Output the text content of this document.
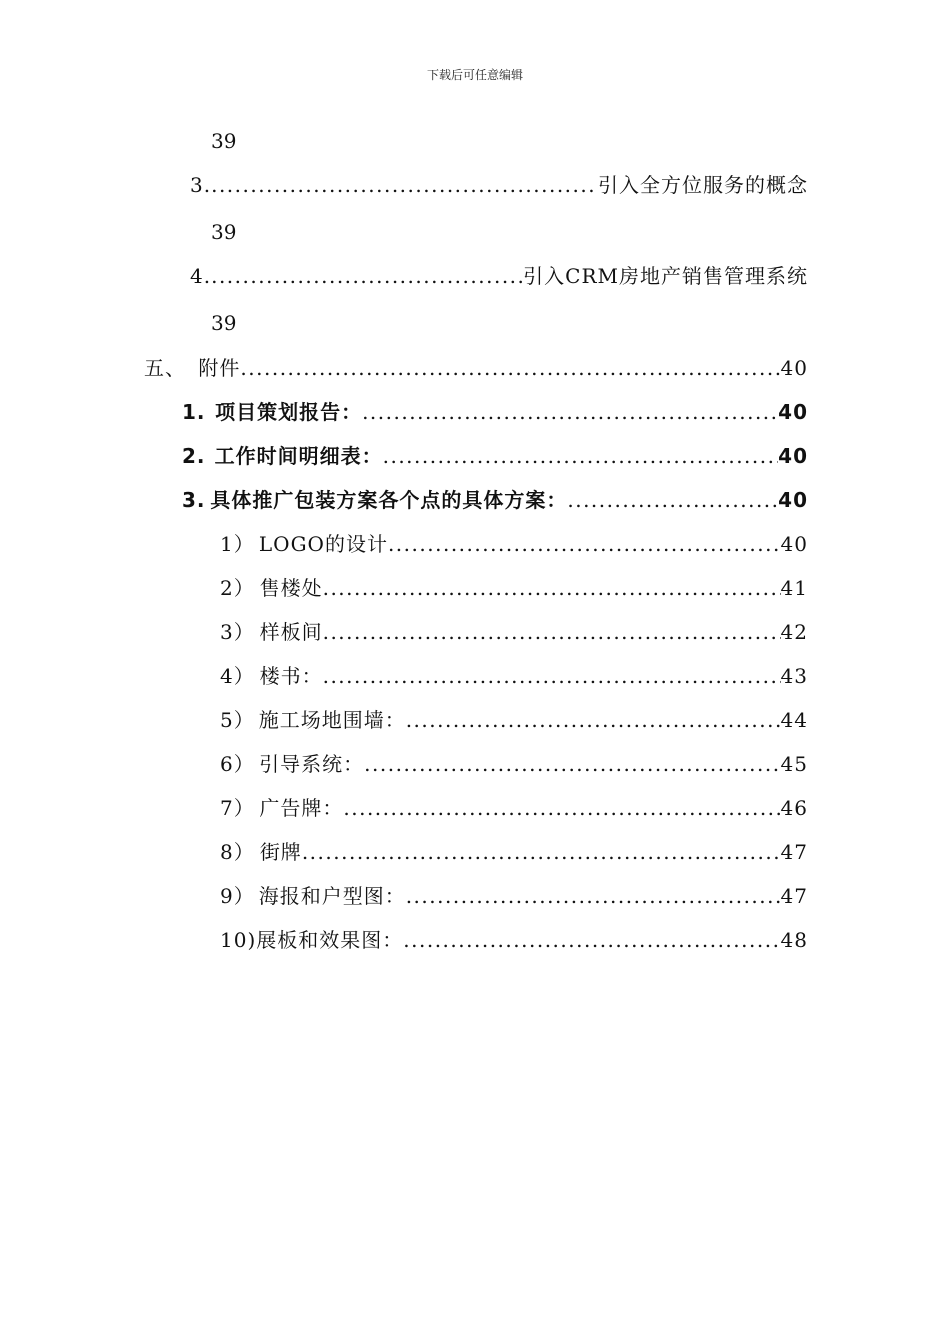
下载后可任意编辑
39
3. .....	引入全方位服务的概念
39
4. .....	引入CRM房地产销售管理系统
39
五、 附件 .....	40
1. 项目策划报告： .....	40
2. 工作时间明细表： .....	40
3. 具体推广包装方案各个点的具体方案： .....	40
1） LOGO的设计 .....	40
2） 售楼处 .....	41
3） 样板间 .....	42
4） 楼书： .....	43
5） 施工场地围墙： .....	44
6） 引导系统： .....	45
7） 广告牌： .....	46
8） 街牌 .....	47
9） 海报和户型图： .....	47
10) 展板和效果图： .....	48
